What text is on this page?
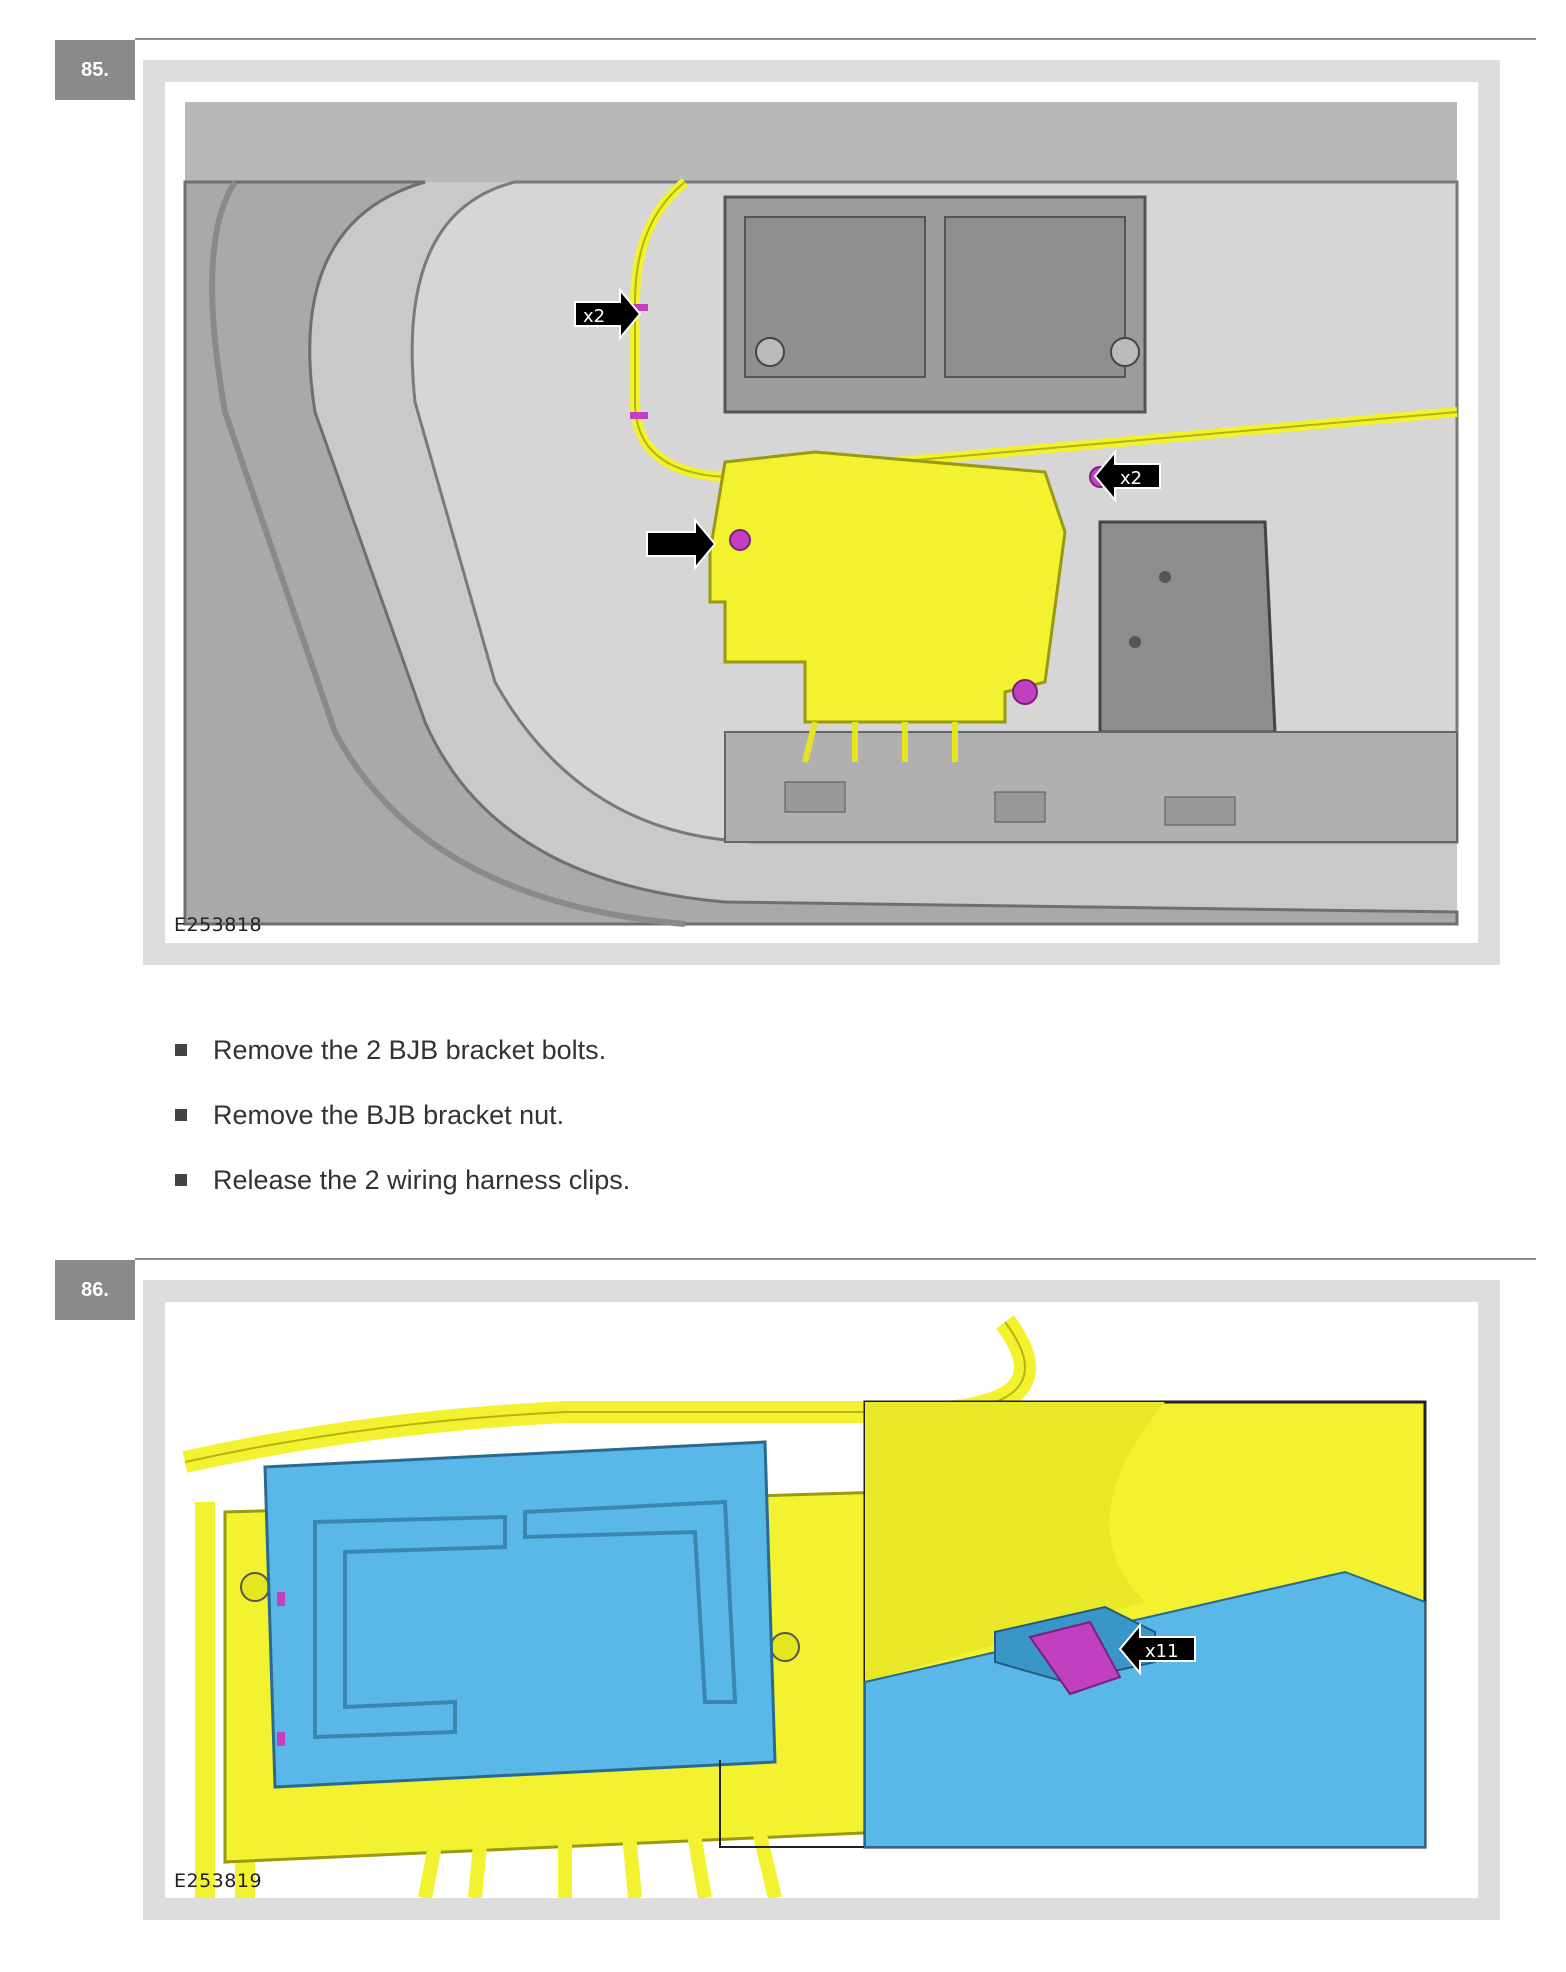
85.
x2
x2
E253818
Remove the 2 BJB bracket bolts.
Remove the BJB bracket nut.
Release the 2 wiring harness clips.
86.
x11
E253819
